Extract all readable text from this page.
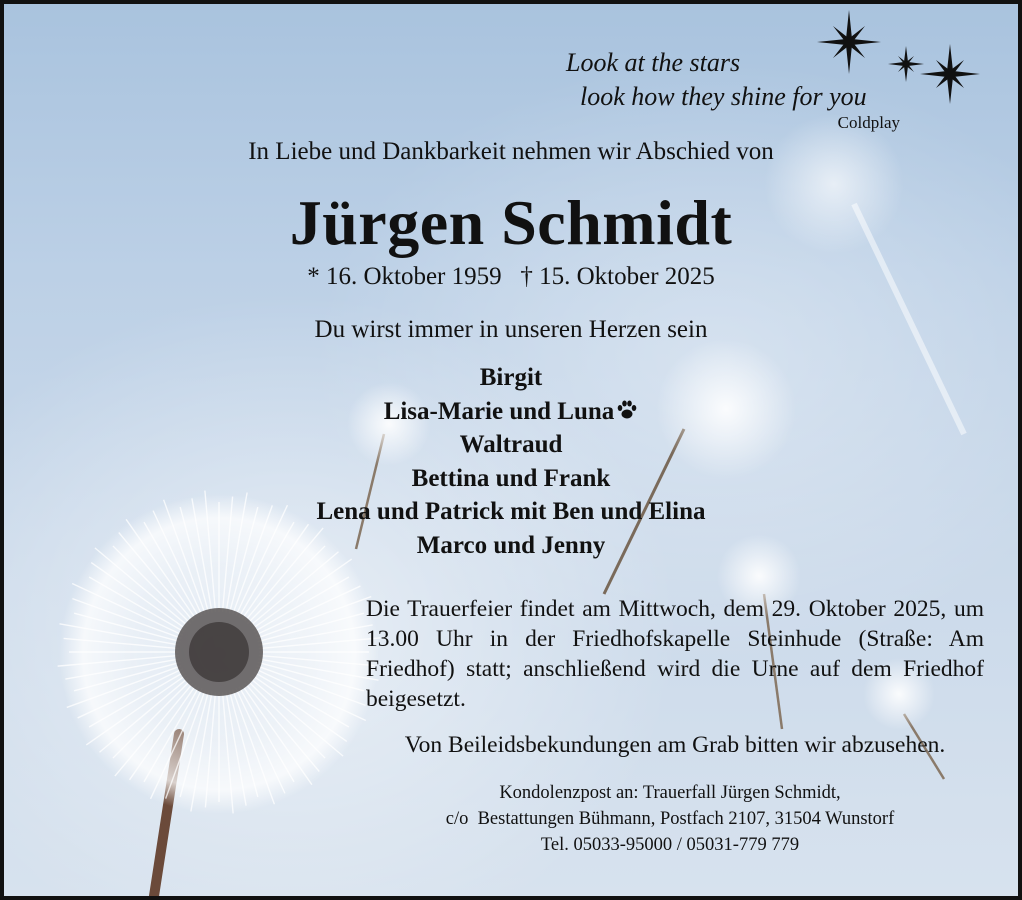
Look at the stars
look how they shine for you
Coldplay
In Liebe und Dankbarkeit nehmen wir Abschied von
Jürgen Schmidt
* 16. Oktober 1959   † 15. Oktober 2025
Du wirst immer in unseren Herzen sein
Birgit
Lisa-Marie und Luna
Waltraud
Bettina und Frank
Lena und Patrick mit Ben und Elina
Marco und Jenny
Die Trauerfeier findet am Mittwoch, dem 29. Oktober 2025, um 13.00 Uhr in der Friedhofskapelle Steinhude (Straße: Am Friedhof) statt; anschließend wird die Urne auf dem Friedhof beigesetzt.
Von Beileidsbekundungen am Grab bitten wir abzusehen.
Kondolenzpost an: Trauerfall Jürgen Schmidt,
c/o  Bestattungen Bühmann, Postfach 2107, 31504 Wunstorf
Tel. 05033-95000 / 05031-779 779
